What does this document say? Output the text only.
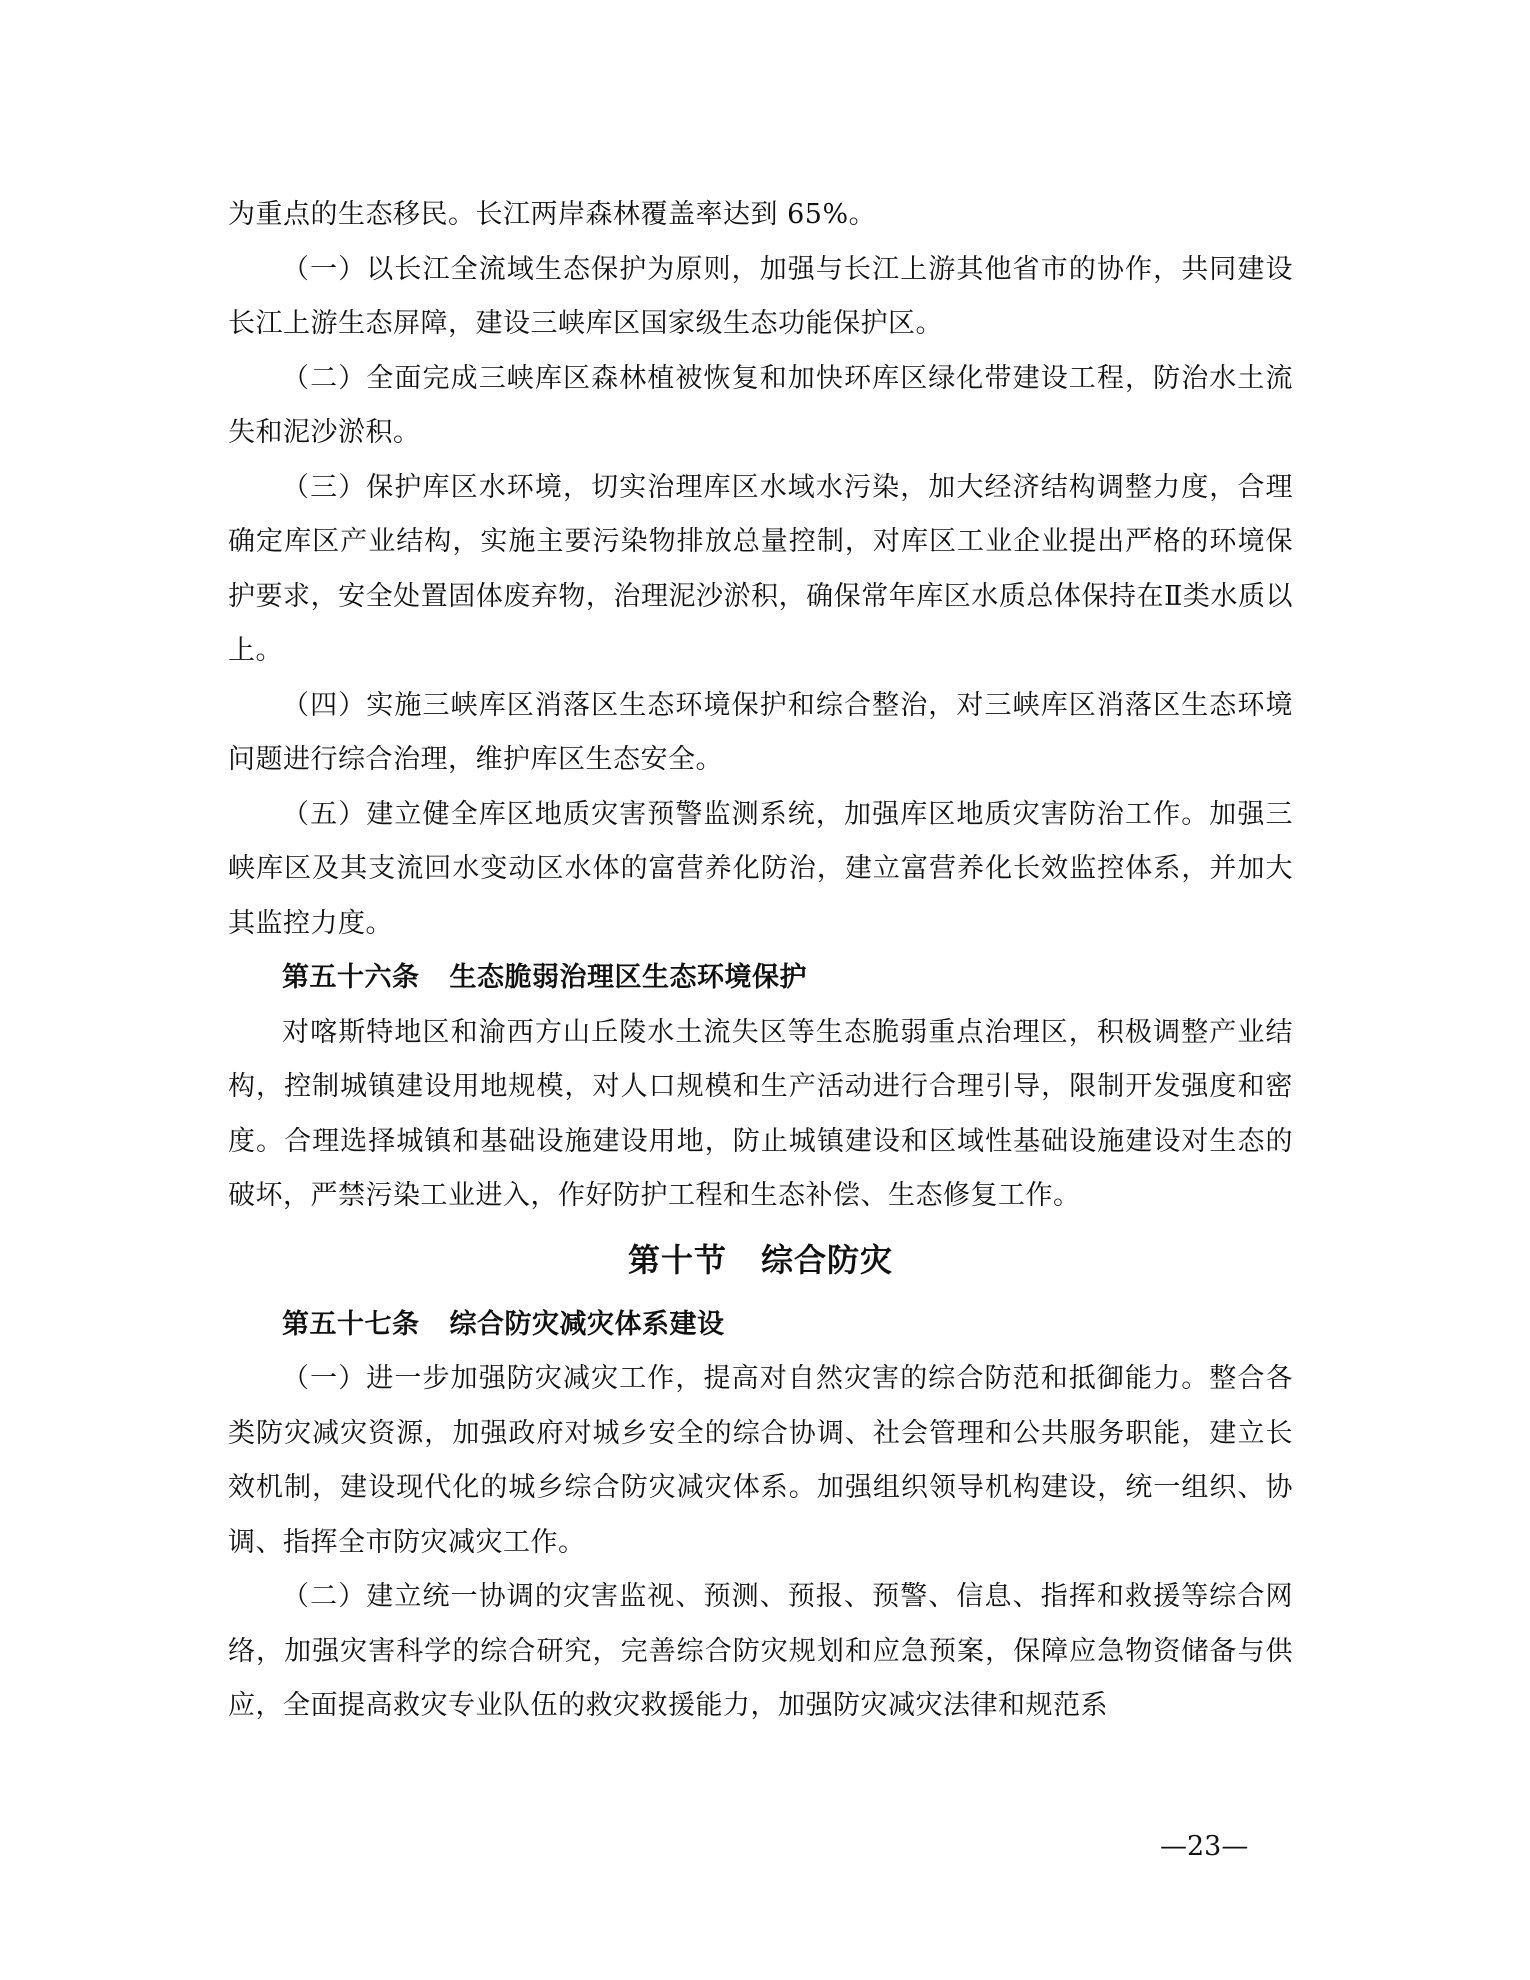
为重点的生态移民。长江两岸森林覆盖率达到 65%。

（一）以长江全流域生态保护为原则，加强与长江上游其他省市的协作，共同建设长江上游生态屏障，建设三峡库区国家级生态功能保护区。

（二）全面完成三峡库区森林植被恢复和加快环库区绿化带建设工程，防治水土流失和泥沙淤积。

（三）保护库区水环境，切实治理库区水域水污染，加大经济结构调整力度，合理确定库区产业结构，实施主要污染物排放总量控制，对库区工业企业提出严格的环境保护要求，安全处置固体废弃物，治理泥沙淤积，确保常年库区水质总体保持在Ⅱ类水质以上。

（四）实施三峡库区消落区生态环境保护和综合整治，对三峡库区消落区生态环境问题进行综合治理，维护库区生态安全。

（五）建立健全库区地质灾害预警监测系统，加强库区地质灾害防治工作。加强三峡库区及其支流回水变动区水体的富营养化防治，建立富营养化长效监控体系，并加大其监控力度。

第五十六条 生态脆弱治理区生态环境保护

对喀斯特地区和渝西方山丘陵水土流失区等生态脆弱重点治理区，积极调整产业结构，控制城镇建设用地规模，对人口规模和生产活动进行合理引导，限制开发强度和密度。合理选择城镇和基础设施建设用地，防止城镇建设和区域性基础设施建设对生态的破坏，严禁污染工业进入，作好防护工程和生态补偿、生态修复工作。

第十节 综合防灾

第五十七条 综合防灾减灾体系建设

（一）进一步加强防灾减灾工作，提高对自然灾害的综合防范和抵御能力。整合各类防灾减灾资源，加强政府对城乡安全的综合协调、社会管理和公共服务职能，建立长效机制，建设现代化的城乡综合防灾减灾体系。加强组织领导机构建设，统一组织、协调、指挥全市防灾减灾工作。

（二）建立统一协调的灾害监视、预测、预报、预警、信息、指挥和救援等综合网络，加强灾害科学的综合研究，完善综合防灾规划和应急预案，保障应急物资储备与供应，全面提高救灾专业队伍的救灾救援能力，加强防灾减灾法律和规范系

—23—
